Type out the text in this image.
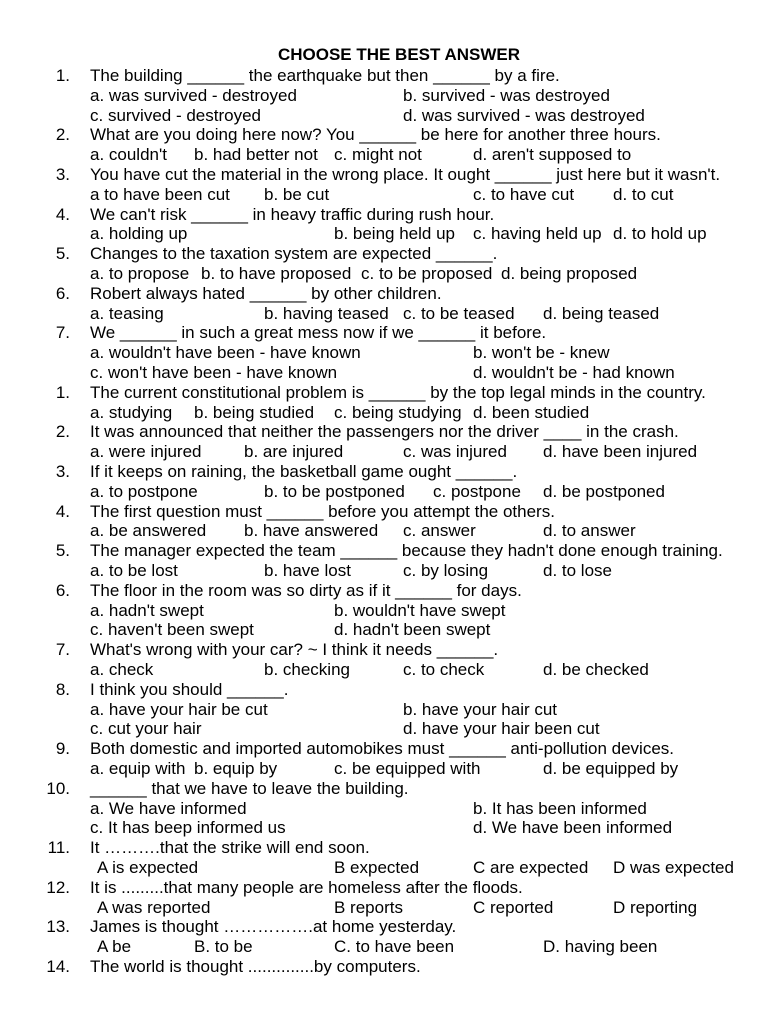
CHOOSE THE BEST ANSWER
1. The building ______ the earthquake but then ______ by a fire.
a. was survived - destroyed	b. survived - was destroyed
c. survived - destroyed	d. was survived - was destroyed
2. What are you doing here now? You ______ be here for another three hours.
a. couldn't b. had better not c. might not	d. aren't supposed to
3. You have cut the material in the wrong place. It ought ______ just here but it wasn't.
a to have been cut b. be cut	c. to have cut d. to cut
4. We can't risk ______ in heavy traffic during rush hour.
a. holding up	b. being held up c. having held up d. to hold up
5. Changes to the taxation system are expected ______.
a. to propose b. to have proposed c. to be proposed d. being proposed
6. Robert always hated ______ by other children.
a. teasing	b. having teased c. to be teased d. being teased
7. We ______ in such a great mess now if we ______ it before.
a. wouldn't have been - have known	b. won't be - knew
c. won't have been - have known	d. wouldn't be - had known
1. The current constitutional problem is ______ by the top legal minds in the country.
a. studying b. being studied c. being studying d. been studied
2. It was announced that neither the passengers nor the driver ____ in the crash.
a. were injured b. are injured	c. was injured d. have been injured
3. If it keeps on raining, the basketball game ought ______.
a. to postpone	b. to be postponed c. postpone d. be postponed
4. The first question must ______ before you attempt the others.
a. be answered b. have answered c. answer	d. to answer
5. The manager expected the team ______ because they hadn't done enough training.
a. to be lost	b. have lost	c. by losing	d. to lose
6. The floor in the room was so dirty as if it ______ for days.
a. hadn't swept	b. wouldn't have swept
c. haven't been swept	d. hadn't been swept
7. What's wrong with your car? ~ I think it needs ______.
a. check	b. checking	c. to check	d. be checked
8. I think you should ______.
a. have your hair be cut	b. have your hair cut
c. cut your hair	d. have your hair been cut
9. Both domestic and imported automobikes must ______ anti-pollution devices.
a. equip with b. equip by	c. be equipped with	d. be equipped by
10. ______ that we have to leave the building.
a. We have informed	b. It has been informed
c. It has beep informed us	d. We have been informed
11. It ……….that the strike will end soon.
A is expected	B expected	C are expected D was expected
12. It is .........that many people are homeless after the floods.
A was reported	B reports	C reported	D reporting
13. James is thought …………….at home yesterday.
A be	B. to be	C. to have been	D. having been
14. The world is thought ..............by computers.
